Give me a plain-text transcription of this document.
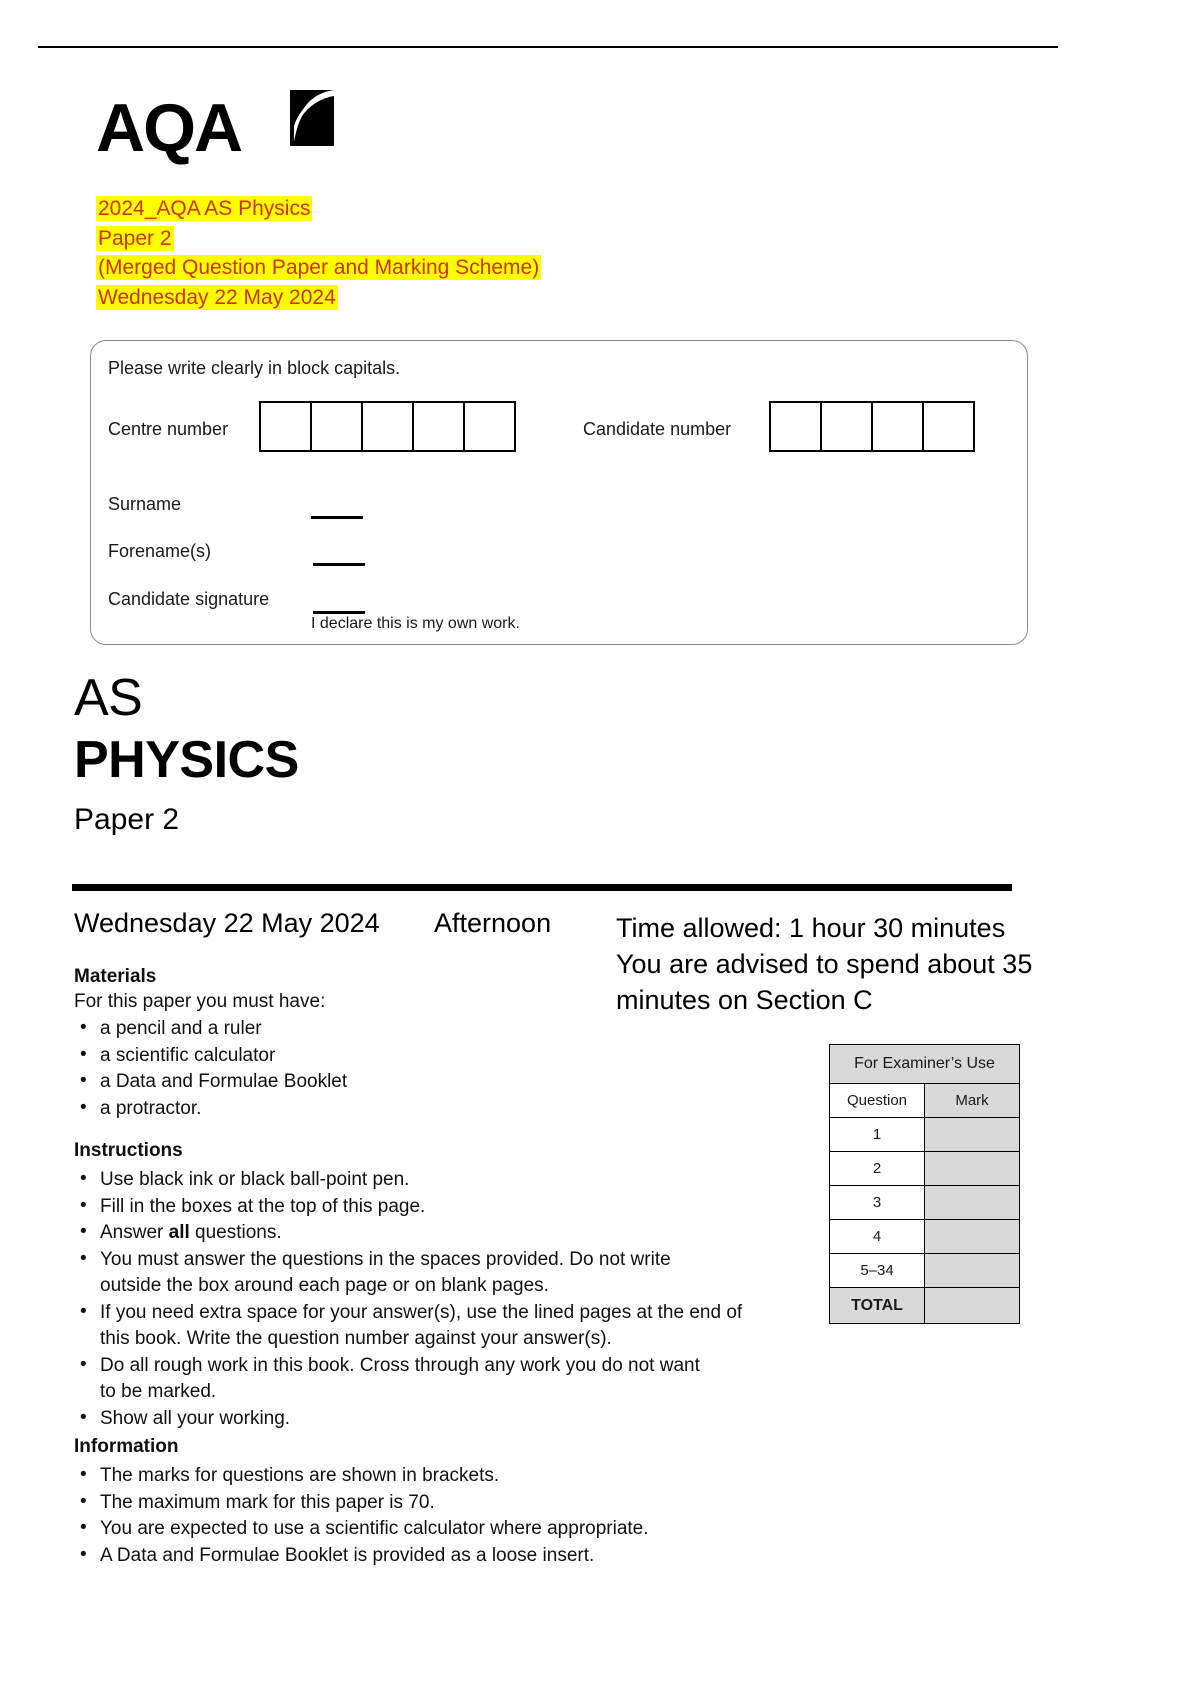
AQA
2024_AQA AS Physics
Paper 2
(Merged Question Paper and Marking Scheme)
Wednesday 22 May 2024
Please write clearly in block capitals.
Centre number	Candidate number
Surname
Forename(s)
Candidate signature
I declare this is my own work.
AS
PHYSICS
Paper 2
Wednesday 22 May 2024 Afternoon Time allowed: 1 hour 30 minutes
You are advised to spend about 35 minutes on Section C
Materials
For this paper you must have:
• a pencil and a ruler
• a scientific calculator
• a Data and Formulae Booklet
• a protractor.
Instructions
• Use black ink or black ball-point pen.
• Fill in the boxes at the top of this page.
• Answer all questions.
• You must answer the questions in the spaces provided. Do not write
outside the box around each page or on blank pages.
• If you need extra space for your answer(s), use the lined pages at the end of
this book. Write the question number against your answer(s).
• Do all rough work in this book. Cross through any work you do not want
to be marked.
• Show all your working.
Information
• The marks for questions are shown in brackets.
• The maximum mark for this paper is 70.
• You are expected to use a scientific calculator where appropriate.
• A Data and Formulae Booklet is provided as a loose insert.
For Examiner’s Use	
Question	Mark
1	
2	
3	
4	
5–34	
TOTAL	
